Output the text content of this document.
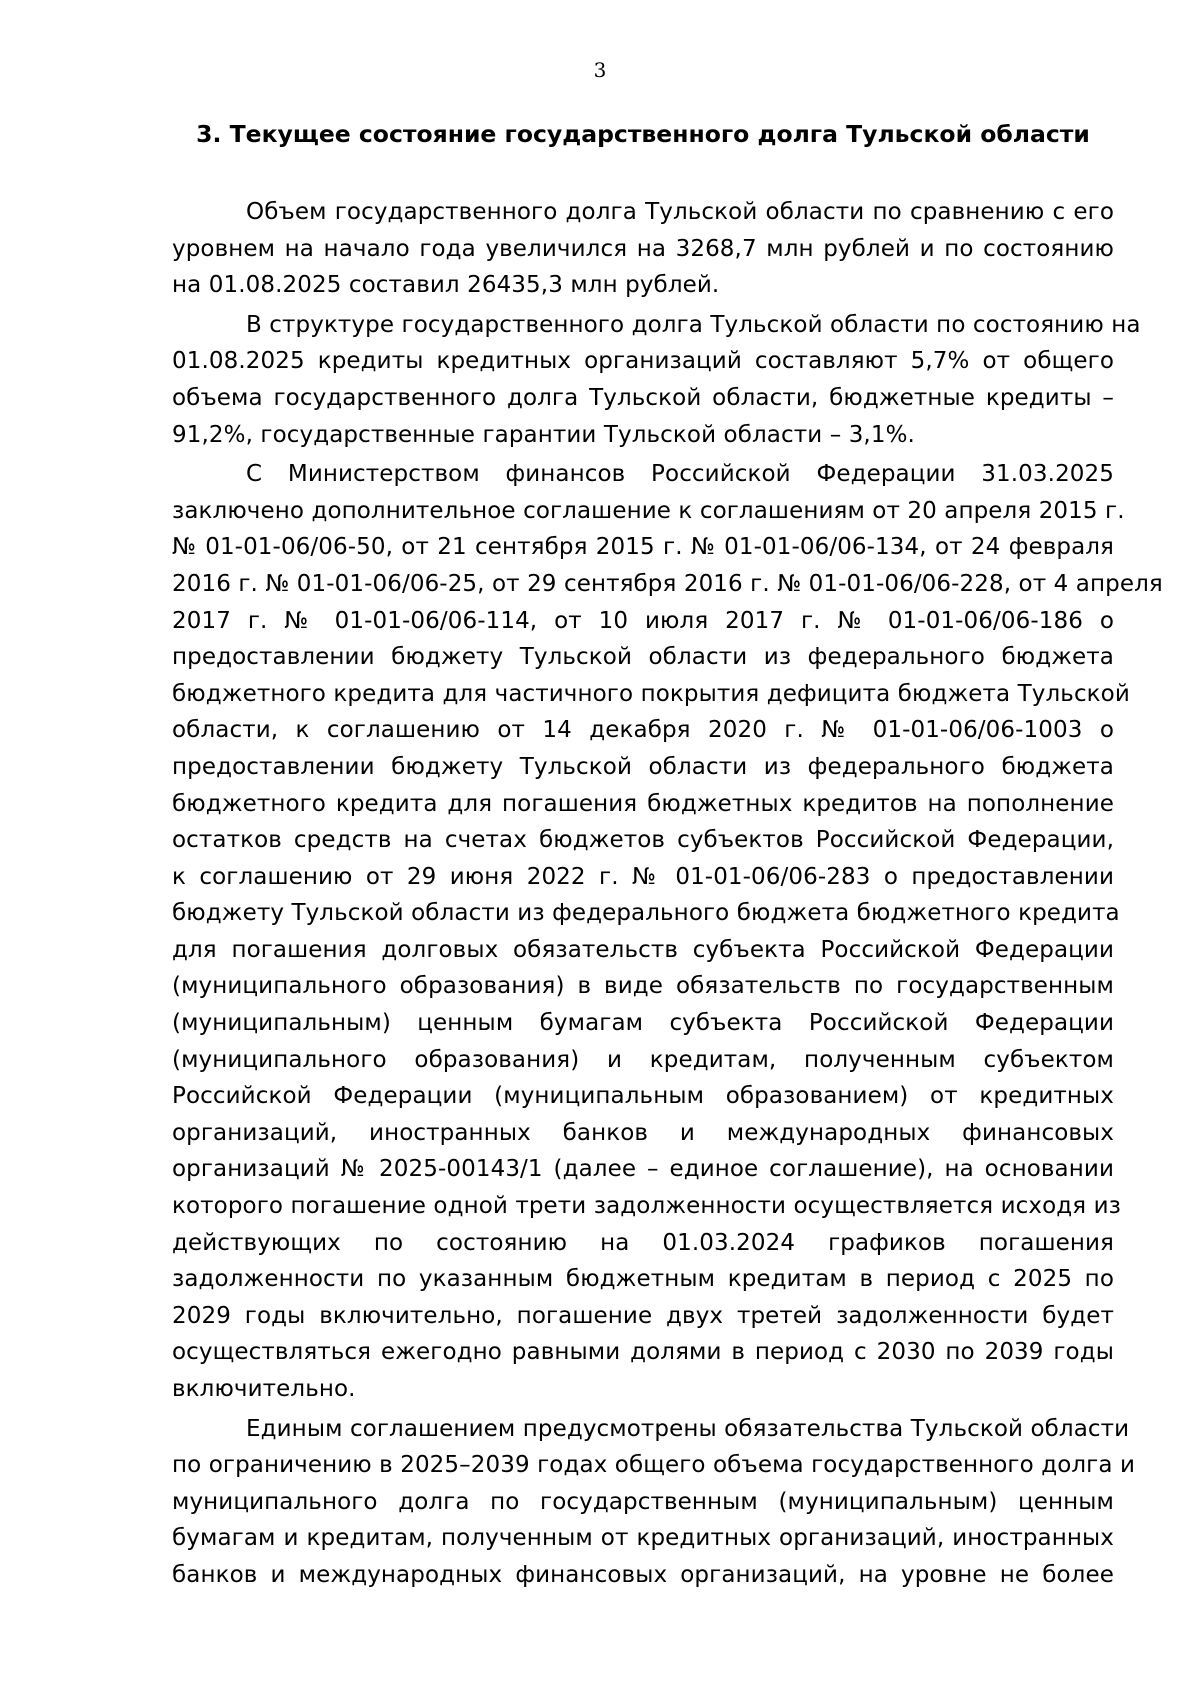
3
3. Текущее состояние государственного долга Тульской области

Объем государственного долга Тульской области по сравнению с его
уровнем на начало года увеличился на 3268,7 млн рублей и по состоянию
на 01.08.2025 составил 26435,3 млн рублей.

В структуре государственного долга Тульской области по состоянию на
01.08.2025 кредиты кредитных организаций составляют 5,7% от общего
объема государственного долга Тульской области, бюджетные кредиты –
91,2%, государственные гарантии Тульской области – 3,1%.

С Министерством финансов Российской Федерации 31.03.2025
заключено дополнительное соглашение к соглашениям от 20 апреля 2015 г.
№ 01-01-06/06-50, от 21 сентября 2015 г. № 01-01-06/06-134, от 24 февраля
2016 г. № 01-01-06/06-25, от 29 сентября 2016 г. № 01-01-06/06-228, от 4 апреля
2017 г. № 01-01-06/06-114, от 10 июля 2017 г. № 01-01-06/06-186 о
предоставлении бюджету Тульской области из федерального бюджета
бюджетного кредита для частичного покрытия дефицита бюджета Тульской
области, к соглашению от 14 декабря 2020 г. № 01-01-06/06-1003 о
предоставлении бюджету Тульской области из федерального бюджета
бюджетного кредита для погашения бюджетных кредитов на пополнение
остатков средств на счетах бюджетов субъектов Российской Федерации,
к соглашению от 29 июня 2022 г. № 01-01-06/06-283 о предоставлении
бюджету Тульской области из федерального бюджета бюджетного кредита
для погашения долговых обязательств субъекта Российской Федерации
(муниципального образования) в виде обязательств по государственным
(муниципальным) ценным бумагам субъекта Российской Федерации
(муниципального образования) и кредитам, полученным субъектом
Российской Федерации (муниципальным образованием) от кредитных
организаций, иностранных банков и международных финансовых
организаций № 2025-00143/1 (далее – единое соглашение), на основании
которого погашение одной трети задолженности осуществляется исходя из
действующих по состоянию на 01.03.2024 графиков погашения
задолженности по указанным бюджетным кредитам в период с 2025 по
2029 годы включительно, погашение двух третей задолженности будет
осуществляться ежегодно равными долями в период с 2030 по 2039 годы
включительно.

Единым соглашением предусмотрены обязательства Тульской области
по ограничению в 2025–2039 годах общего объема государственного долга и
муниципального долга по государственным (муниципальным) ценным
бумагам и кредитам, полученным от кредитных организаций, иностранных
банков и международных финансовых организаций, на уровне не более
